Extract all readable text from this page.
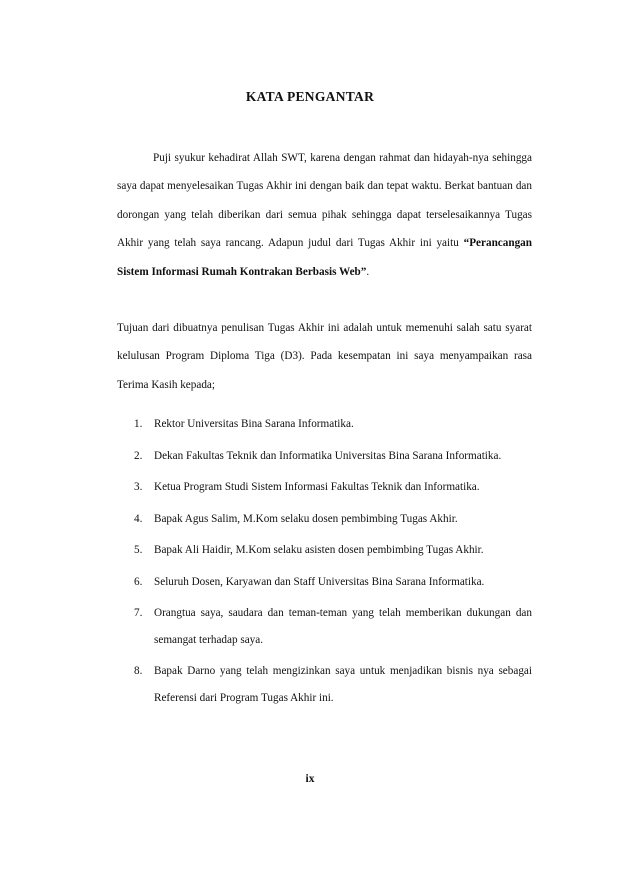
KATA PENGANTAR

Puji syukur kehadirat Allah SWT, karena dengan rahmat dan hidayah-nya sehingga saya dapat menyelesaikan Tugas Akhir ini dengan baik dan tepat waktu. Berkat bantuan dan dorongan yang telah diberikan dari semua pihak sehingga dapat terselesaikannya Tugas Akhir yang telah saya rancang. Adapun judul dari Tugas Akhir ini yaitu “Perancangan Sistem Informasi Rumah Kontrakan Berbasis Web”.

Tujuan dari dibuatnya penulisan Tugas Akhir ini adalah untuk memenuhi salah satu syarat kelulusan Program Diploma Tiga (D3). Pada kesempatan ini saya menyampaikan rasa Terima Kasih kepada;

1. Rektor Universitas Bina Sarana Informatika.
2. Dekan Fakultas Teknik dan Informatika Universitas Bina Sarana Informatika.
3. Ketua Program Studi Sistem Informasi Fakultas Teknik dan Informatika.
4. Bapak Agus Salim, M.Kom selaku dosen pembimbing Tugas Akhir.
5. Bapak Ali Haidir, M.Kom selaku asisten dosen pembimbing Tugas Akhir.
6. Seluruh Dosen, Karyawan dan Staff Universitas Bina Sarana Informatika.
7. Orangtua saya, saudara dan teman-teman yang telah memberikan dukungan dan semangat terhadap saya.
8. Bapak Darno yang telah mengizinkan saya untuk menjadikan bisnis nya sebagai Referensi dari Program Tugas Akhir ini.
ix
